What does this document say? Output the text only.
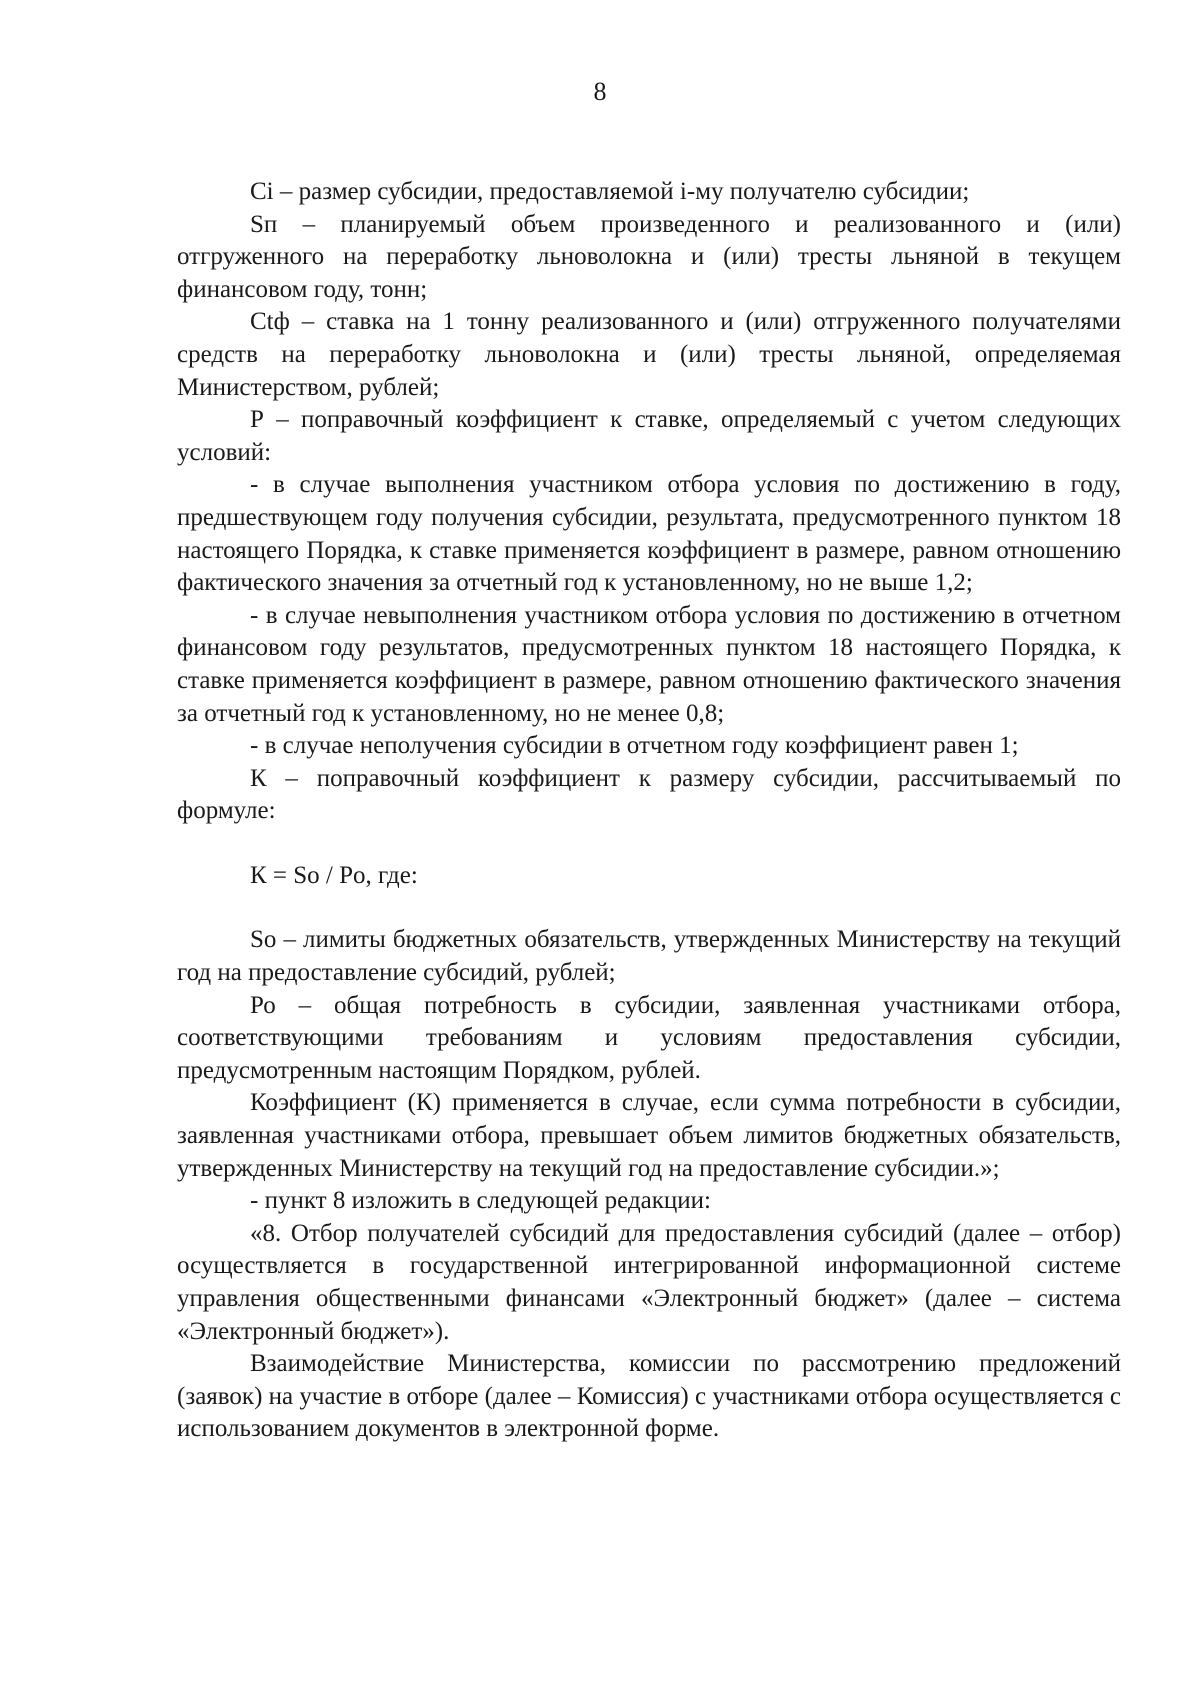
8

Ci – размер субсидии, предоставляемой i-му получателю субсидии;

Sп – планируемый объем произведенного и реализованного и (или) отгруженного на переработку льноволокна и (или) тресты льняной в текущем финансовом году, тонн;

Ctф – ставка на 1 тонну реализованного и (или) отгруженного получателями средств на переработку льноволокна и (или) тресты льняной, определяемая Министерством, рублей;

Р – поправочный коэффициент к ставке, определяемый с учетом следующих условий:

- в случае выполнения участником отбора условия по достижению в году, предшествующем году получения субсидии, результата, предусмотренного пунктом 18 настоящего Порядка, к ставке применяется коэффициент в размере, равном отношению фактического значения за отчетный год к установленному, но не выше 1,2;

- в случае невыполнения участником отбора условия по достижению в отчетном финансовом году результатов, предусмотренных пунктом 18 настоящего Порядка, к ставке применяется коэффициент в размере, равном отношению фактического значения за отчетный год к установленному, но не менее 0,8;

- в случае неполучения субсидии в отчетном году коэффициент равен 1;

К – поправочный коэффициент к размеру субсидии, рассчитываемый по формуле:

К = So / Pо, где:

So – лимиты бюджетных обязательств, утвержденных Министерству на текущий год на предоставление субсидий, рублей;

Ро – общая потребность в субсидии, заявленная участниками отбора, соответствующими требованиям и условиям предоставления субсидии, предусмотренным настоящим Порядком, рублей.

Коэффициент (К) применяется в случае, если сумма потребности в субсидии, заявленная участниками отбора, превышает объем лимитов бюджетных обязательств, утвержденных Министерству на текущий год на предоставление субсидии.»;

- пункт 8 изложить в следующей редакции:

«8. Отбор получателей субсидий для предоставления субсидий (далее – отбор) осуществляется в государственной интегрированной информационной системе управления общественными финансами «Электронный бюджет» (далее – система «Электронный бюджет»).

Взаимодействие Министерства, комиссии по рассмотрению предложений (заявок) на участие в отборе (далее – Комиссия) с участниками отбора осуществляется с использованием документов в электронной форме.
